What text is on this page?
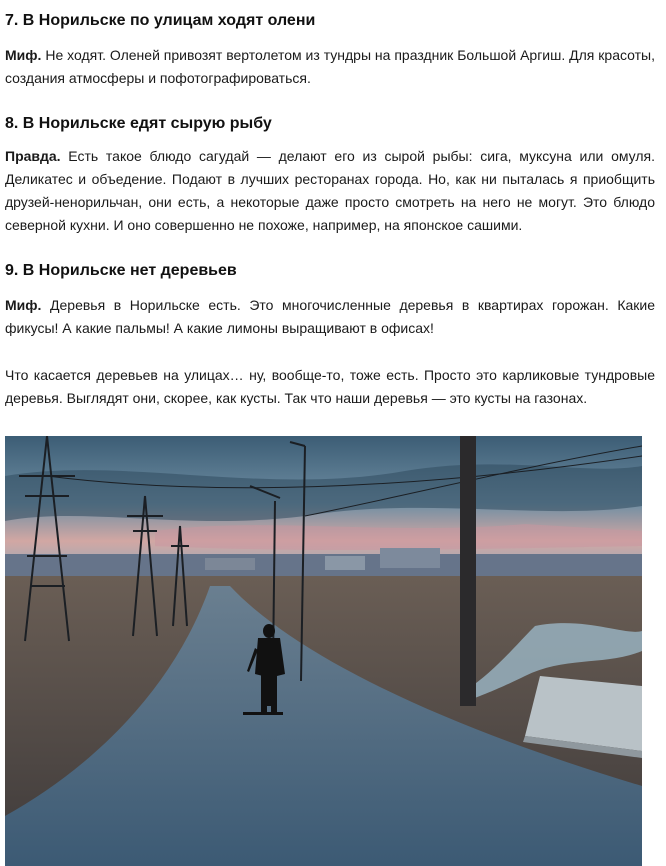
7. В Норильске по улицам ходят олени

Миф. Не ходят. Оленей привозят вертолетом из тундры на праздник Большой Аргиш. Для красоты, создания атмосферы и пофотографироваться.

8. В Норильске едят сырую рыбу

Правда. Есть такое блюдо сагудай — делают его из сырой рыбы: сига, муксуна или омуля. Деликатес и объедение. Подают в лучших ресторанах города. Но, как ни пыталась я приобщить друзей-ненорильчан, они есть, а некоторые даже просто смотреть на него не могут. Это блюдо северной кухни. И оно совершенно не похоже, например, на японское сашими.

9. В Норильске нет деревьев

Миф. Деревья в Норильске есть. Это многочисленные деревья в квартирах горожан. Какие фикусы! А какие пальмы! А какие лимоны выращивают в офисах!

Что касается деревьев на улицах… ну, вообще-то, тоже есть. Просто это карликовые тундровые деревья. Выглядят они, скорее, как кусты. Так что наши деревья — это кусты на газонах.
